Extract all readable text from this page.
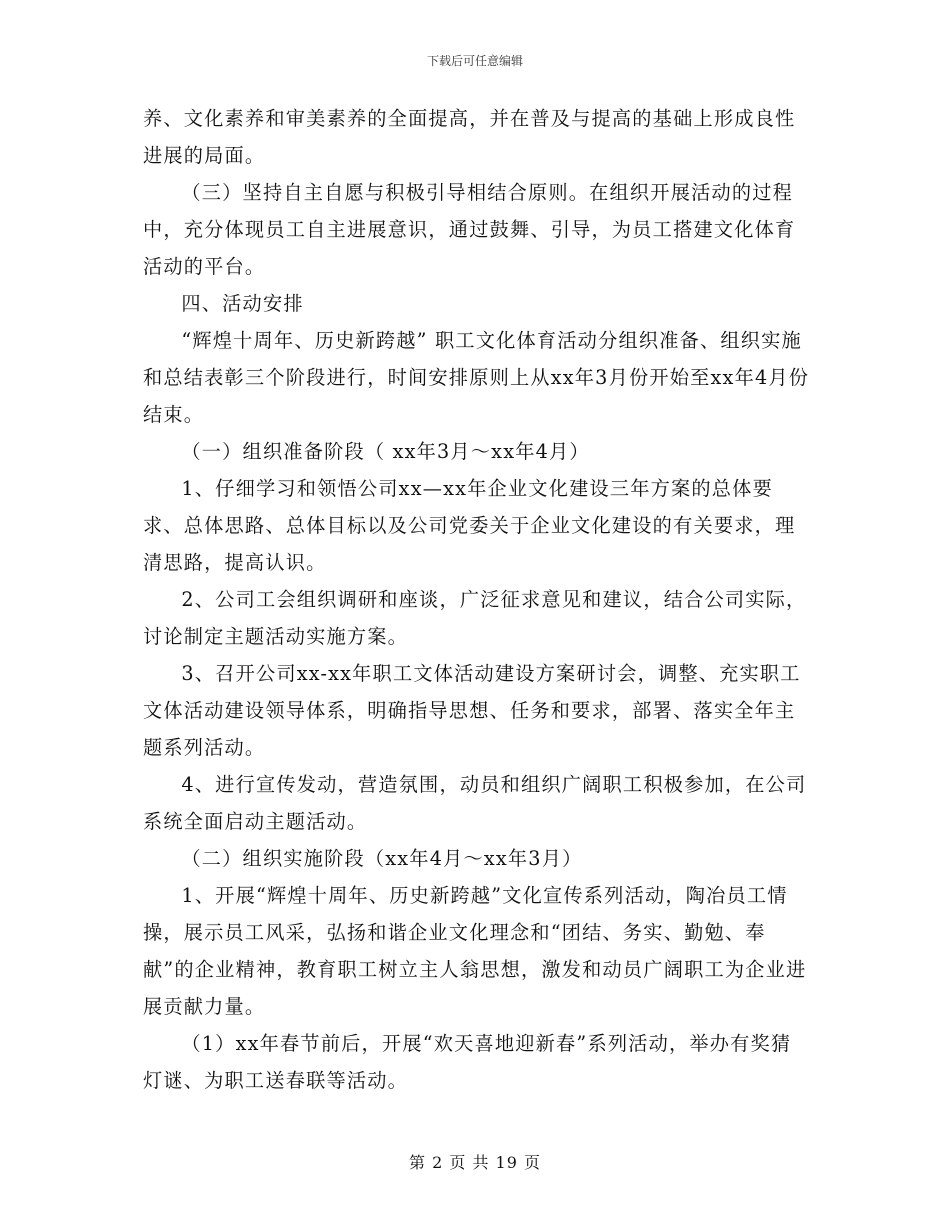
下载后可任意编辑

养、文化素养和审美素养的全面提高，并在普及与提高的基础上形成良性进展的局面。

（三）坚持自主自愿与积极引导相结合原则。在组织开展活动的过程中，充分体现员工自主进展意识，通过鼓舞、引导，为员工搭建文化体育活动的平台。

四、活动安排

“辉煌十周年、历史新跨越” 职工文化体育活动分组织准备、组织实施和总结表彰三个阶段进行，时间安排原则上从xx年3月份开始至xx年4月份结束。

（一）组织准备阶段（ xx年3月～xx年4月）

1、仔细学习和领悟公司xx—xx年企业文化建设三年方案的总体要求、总体思路、总体目标以及公司党委关于企业文化建设的有关要求，理清思路，提高认识。

2、公司工会组织调研和座谈，广泛征求意见和建议，结合公司实际，讨论制定主题活动实施方案。

3、召开公司xx-xx年职工文体活动建设方案研讨会，调整、充实职工文体活动建设领导体系，明确指导思想、任务和要求，部署、落实全年主题系列活动。

4、进行宣传发动，营造氛围，动员和组织广阔职工积极参加，在公司系统全面启动主题活动。

（二）组织实施阶段（xx年4月～xx年3月）

1、开展“辉煌十周年、历史新跨越”文化宣传系列活动，陶冶员工情操，展示员工风采，弘扬和谐企业文化理念和“团结、务实、勤勉、奉献”的企业精神，教育职工树立主人翁思想，激发和动员广阔职工为企业进展贡献力量。

（1）xx年春节前后，开展“欢天喜地迎新春”系列活动，举办有奖猜灯谜、为职工送春联等活动。

第 2 页 共 19 页
